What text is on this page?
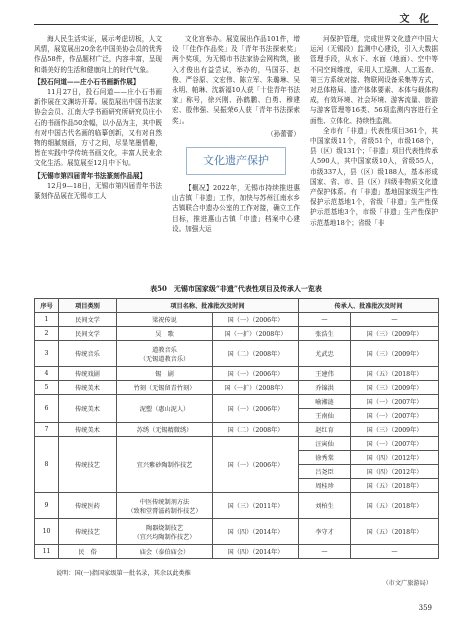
文 化

海人民生活实证，展示考虑切板，人文风情，展览展出20余名中国美协会员的优秀作品58件，作品题材广泛，内容丰富，呈现和谐美好的生活和健康向上的时代气象。

【投石问道——庄小石书画新作展】

11月27日，投石问道——庄小石书画新作展在文渊坊开幕。展览展出中国书法家协会会员、江南大学书画研究所研究员庄小石的书画作品50余幅，以小品为主，其中既有对中国古代名画的临摹创新，又有对自然物的细腻刻画，方寸之间，尽显笔墨情趣，皆在实践中学传统书画文化，丰富人民业余文化生活。展览展至12月中下旬。

【无锡市第四届青年书法篆刻作品展】

12月9—18日，无锡市第四届青年书法篆刻作品展在无锡市工人

文化宫举办。展览展出作品101件，增设「「佳作作品奖」及「青年书法探索奖」两个奖项，为无锡市书法家协会网构筑，嵌入才俊出有益尝试，举办的，马国芬、赵俊、严谷原、文宏伟、陈立军、朱璐琳、吴永明、帕琳、沈新福10人获「十佳青年书法家」称号，徐兴刚、孙鹤鹏、白勇、穆建宏、殷伟强、吴振荣6人获「青年书法探索奖」。

（孙蕾蕾）

文化遗产保护

【概况】2022年，无锡市持续推进惠山古镇「非遗」工作，加快与苏州江南水乡古镇联合申遗办公室的工作对接，确立工作目标，推进惠山古镇「申遗」档案中心建设。加强大运

河保护管理，完成世界文化遗产中国大运河（无锡段）监测中心建设，引入大数据管理手段，从水下、水面（地面）、空中等不同空间维度，采用人工巡测、人工巡查、第三方系统对接、物联网设备采集等方式，对总体格局、遗产体体要素、本体与载体构成，有效环境、社会环境、游客流量、旅游与游客管理等16类、56项监测内容进行全面性、立体化、持续性监测。

全市有「非遗」代表性项目361个，其中国家级11个，省级51个，市级168个，县（区）级131个；「非遗」项目代表性传承人590人，其中国家级10人，省级55人，市级337人，县（区）级188人，基本形成国家、省、市、县（区）四级非物质文化遗产保护体系。有「非遗」基地国家级生产性保护示范基地1个，省级「非遗」生产性保护示范基地3个，市级「非遗」生产性保护示范基地18个；省级「非

表50　无锡市国家级“非遗”代表性项目及传承人一览表
序号	项目类别	项目名称、批准批次及时间		传承人、批准批次及时间	
1	民间文学	梁祝传说	国（一）（2006年）	—	—
2	民间文学	吴　歌	国（一扩）（2008年）	张浩生	国（三）（2009年）
3	传统音乐	道教音乐
（无锡道教音乐）	国（二）（2008年）	尤武忠	国（三）（2009年）
4	传统戏剧	锡　剧	国（一）（2006年）	王建伟	国（五）（2018年）
5	传统美术	竹刻（无锡留青竹刻）	国（一扩）（2008年）	乔锦洪	国（三）（2009年）
6	传统美术	泥塑（惠山泥人）	国（一）（2006年）	喻湘涟	国（一）（2007年）
				王南仙	国（一）（2007年）
7	传统美术	苏绣（无锡精微绣）	国（二）（2008年）	赵红育	国（三）（2009年）
8	传统技艺	宜兴紫砂陶制作技艺	国（一）（2006年）	汪寅仙	国（一）（2007年）
				徐秀棠	国（四）（2012年）
				吕尧臣	国（四）（2012年）
				周桂珍	国（五）（2018年）
9	传统医药	中医传统制剂方法
（致和堂膏滋药制作技艺）	国（三）（2011年）	刘柏生	国（五）（2018年）
10	传统技艺	陶器烧制技艺
（宜兴均陶制作技艺）	国（四）（2014年）	李守才	国（五）（2018年）
11	民　俗	庙会（泰伯庙会）	国（四）（2014年）	—	—
说明：国(一)指国家级第一批名录，其余以此类推
（市文广旅游局）
359
